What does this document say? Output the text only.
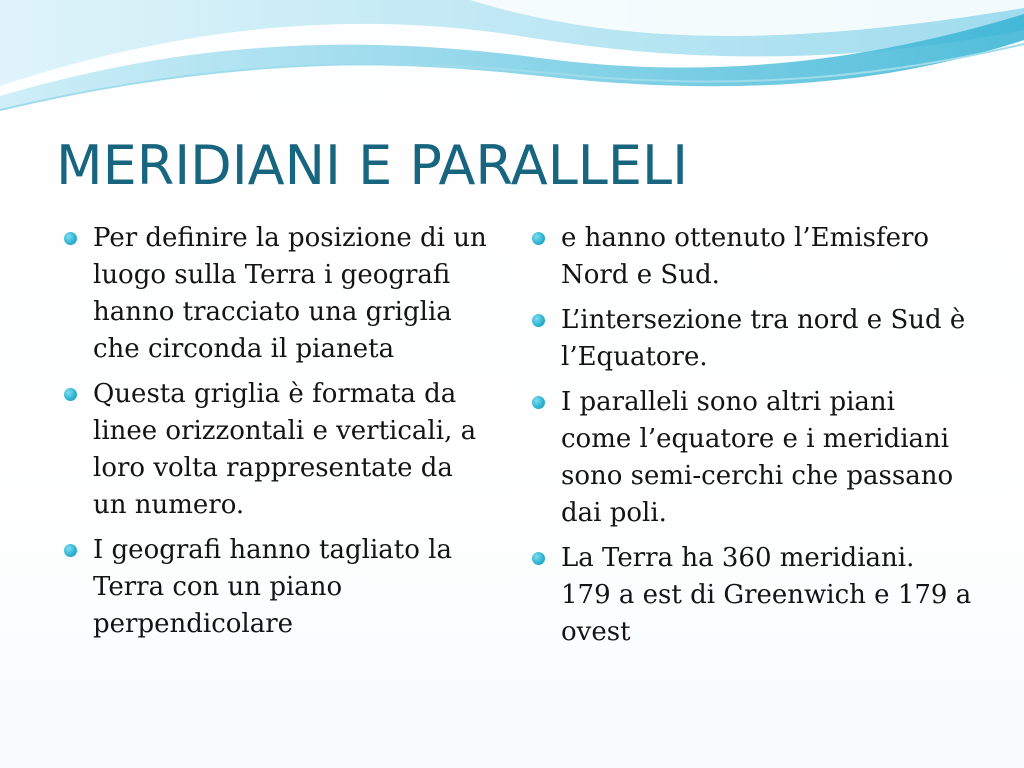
MERIDIANI E PARALLELI
Per definire la posizione di un luogo sulla Terra i geografi hanno tracciato una griglia che circonda il pianeta
Questa griglia è formata da linee orizzontali e verticali, a loro volta rappresentate da un numero.
I geografi hanno tagliato la Terra con un piano perpendicolare
e hanno ottenuto l’Emisfero Nord e Sud.
L’intersezione tra nord e Sud è l’Equatore.
I paralleli sono altri piani come l’equatore e i meridiani sono semi-cerchi che passano dai poli.
La Terra ha 360 meridiani. 179 a est di Greenwich e 179 a ovest
